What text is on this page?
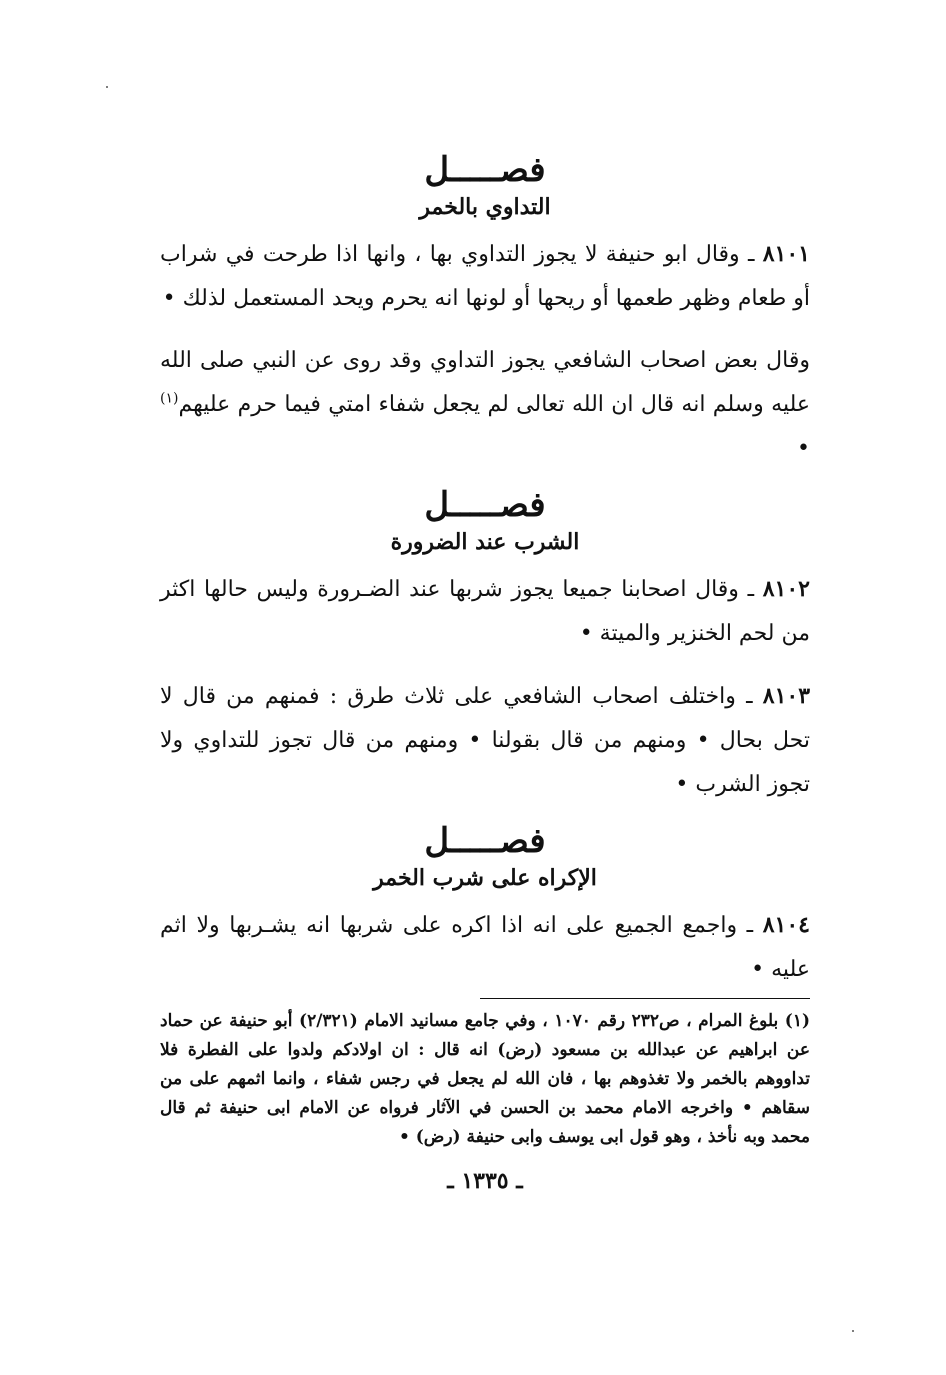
فصـــــل
التداوي بالخمر

٨١٠١ ـ وقال ابو حنيفة لا يجوز التداوي بها ، وانها اذا طرحت في شراب أو طعام وظهر طعمها أو ريحها أو لونها انه يحرم ويحد المستعمل لذلك •

وقال بعض اصحاب الشافعي يجوز التداوي وقد روى عن النبي صلى الله عليه وسلم انه قال ان الله تعالى لم يجعل شفاء امتي فيما حرم عليهم$^{(١)}$ •

فصـــــل
الشرب عند الضرورة

٨١٠٢ ـ وقال اصحابنا جميعا يجوز شربها عند الضـرورة وليس حالها اكثر من لحم الخنزير والميتة •

٨١٠٣ ـ واختلف اصحاب الشافعي على ثلاث طرق : فمنهم من قال لا تحل بحال • ومنهم من قال بقولنا • ومنهم من قال تجوز للتداوي ولا تجوز الشرب •

فصـــــل
الإكراه على شرب الخمر

٨١٠٤ ـ واجمع الجميع على انه اذا اكره على شربها انه يشـربها ولا اثم عليه •

(١) بلوغ المرام ، ص٢٣٢ رقم ١٠٧٠ ، وفي جامع مسانيد الامام (٢/٣٢١) أبو حنيفة عن حماد عن ابراهيم عن عبدالله بن مسعود (رض) انه قال : ان اولادكم ولدوا على الفطرة فلا تداووهم بالخمر ولا تغذوهم بها ، فان الله لم يجعل في رجس شفاء ، وانما اثمهم على من سقاهم • واخرجه الامام محمد بن الحسن في الآثار فرواه عن الامام ابى حنيفة ثم قال محمد وبه نأخذ ، وهو قول ابى يوسف وابى حنيفة (رض) •

ـ ١٣٣٥ ـ
